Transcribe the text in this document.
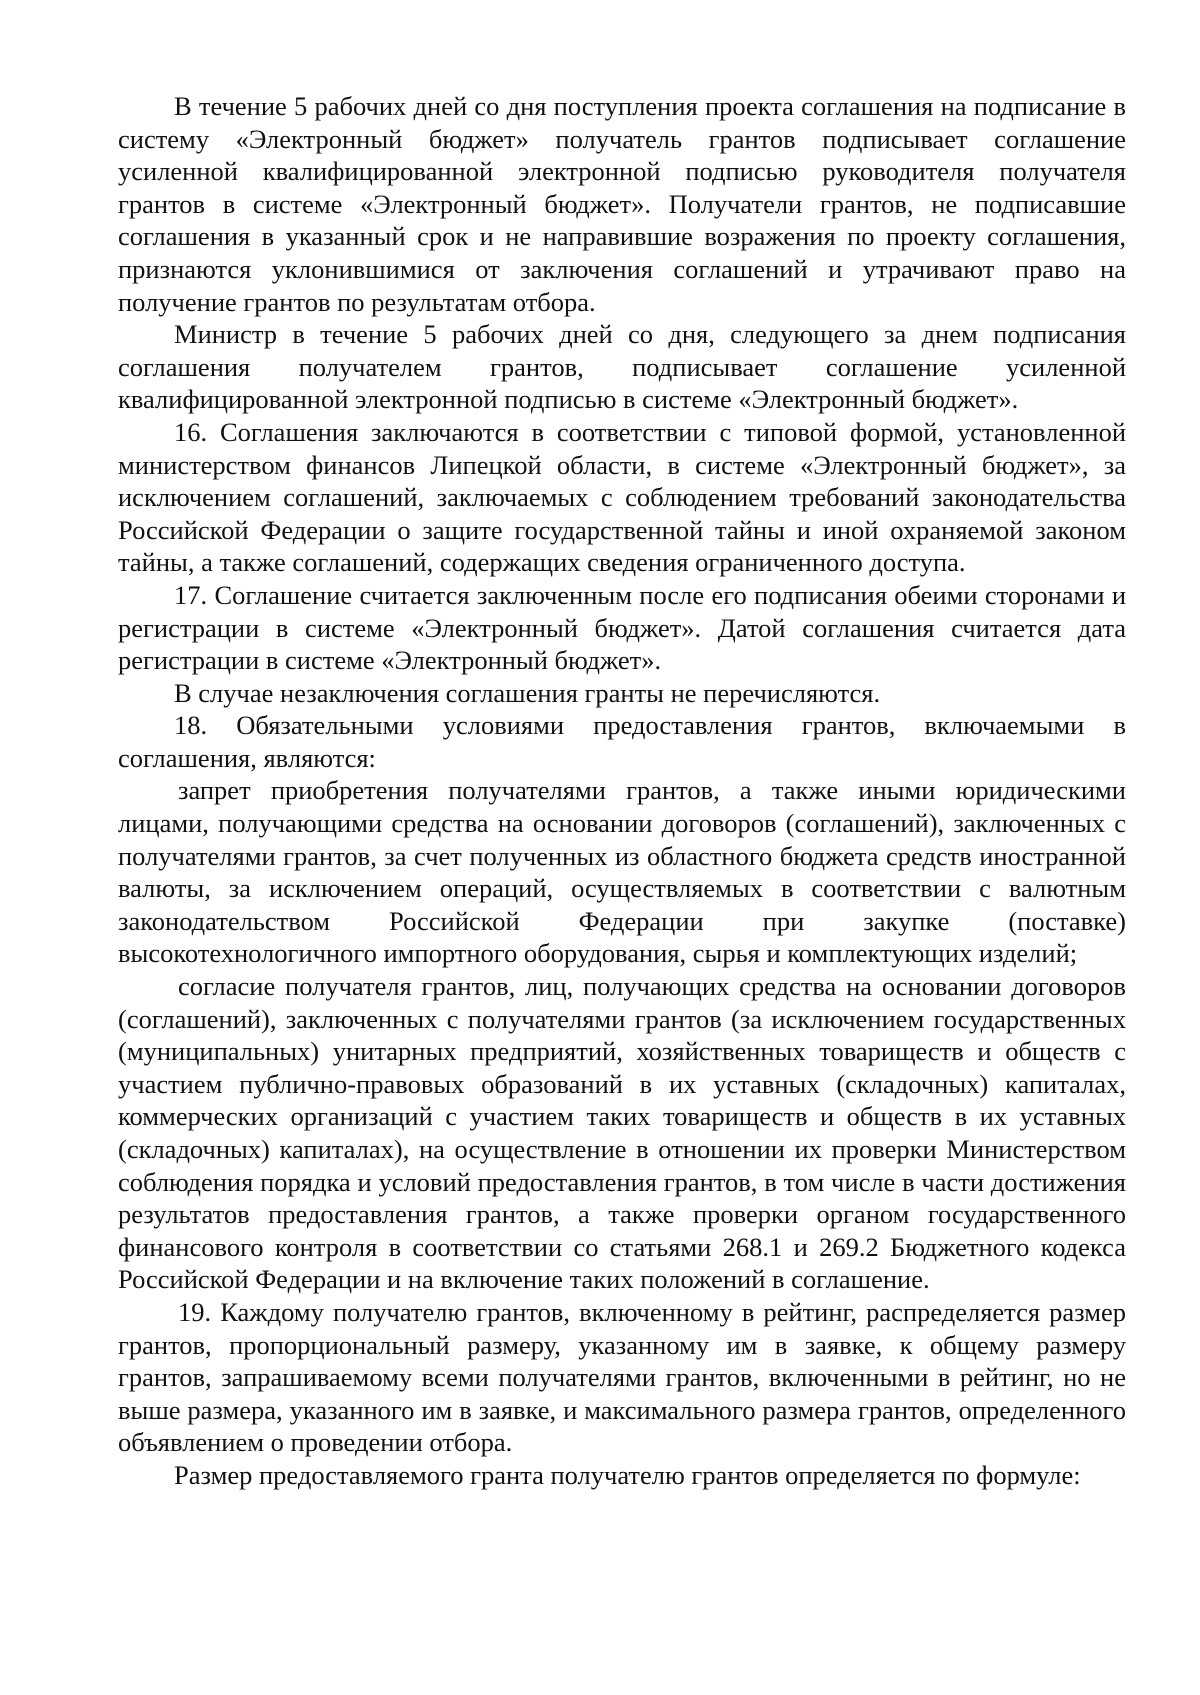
В течение 5 рабочих дней со дня поступления проекта соглашения на подписание в систему «Электронный бюджет» получатель грантов подписывает соглашение усиленной квалифицированной электронной подписью руководителя получателя грантов в системе «Электронный бюджет». Получатели грантов, не подписавшие соглашения в указанный срок и не направившие возражения по проекту соглашения, признаются уклонившимися от заключения соглашений и утрачивают право на получение грантов по результатам отбора.

Министр в течение 5 рабочих дней со дня, следующего за днем подписания соглашения получателем грантов, подписывает соглашение усиленной квалифицированной электронной подписью в системе «Электронный бюджет».

16. Соглашения заключаются в соответствии с типовой формой, установленной министерством финансов Липецкой области, в системе «Электронный бюджет», за исключением соглашений, заключаемых с соблюдением требований законодательства Российской Федерации о защите государственной тайны и иной охраняемой законом тайны, а также соглашений, содержащих сведения ограниченного доступа.

17. Соглашение считается заключенным после его подписания обеими сторонами и регистрации в системе «Электронный бюджет». Датой соглашения считается дата регистрации в системе «Электронный бюджет».

В случае незаключения соглашения гранты не перечисляются.

18. Обязательными условиями предоставления грантов, включаемыми в соглашения, являются:

запрет приобретения получателями грантов, а также иными юридическими лицами, получающими средства на основании договоров (соглашений), заключенных с получателями грантов, за счет полученных из областного бюджета средств иностранной валюты, за исключением операций, осуществляемых в соответствии с валютным законодательством Российской Федерации при закупке (поставке) высокотехнологичного импортного оборудования, сырья и комплектующих изделий;

согласие получателя грантов, лиц, получающих средства на основании договоров (соглашений), заключенных с получателями грантов (за исключением государственных (муниципальных) унитарных предприятий, хозяйственных товариществ и обществ с участием публично-правовых образований в их уставных (складочных) капиталах, коммерческих организаций с участием таких товариществ и обществ в их уставных (складочных) капиталах), на осуществление в отношении их проверки Министерством соблюдения порядка и условий предоставления грантов, в том числе в части достижения результатов предоставления грантов, а также проверки органом государственного финансового контроля в соответствии со статьями 268.1 и 269.2 Бюджетного кодекса Российской Федерации и на включение таких положений в соглашение.

19. Каждому получателю грантов, включенному в рейтинг, распределяется размер грантов, пропорциональный размеру, указанному им в заявке, к общему размеру грантов, запрашиваемому всеми получателями грантов, включенными в рейтинг, но не выше размера, указанного им в заявке, и максимального размера грантов, определенного объявлением о проведении отбора.

Размер предоставляемого гранта получателю грантов определяется по формуле:
